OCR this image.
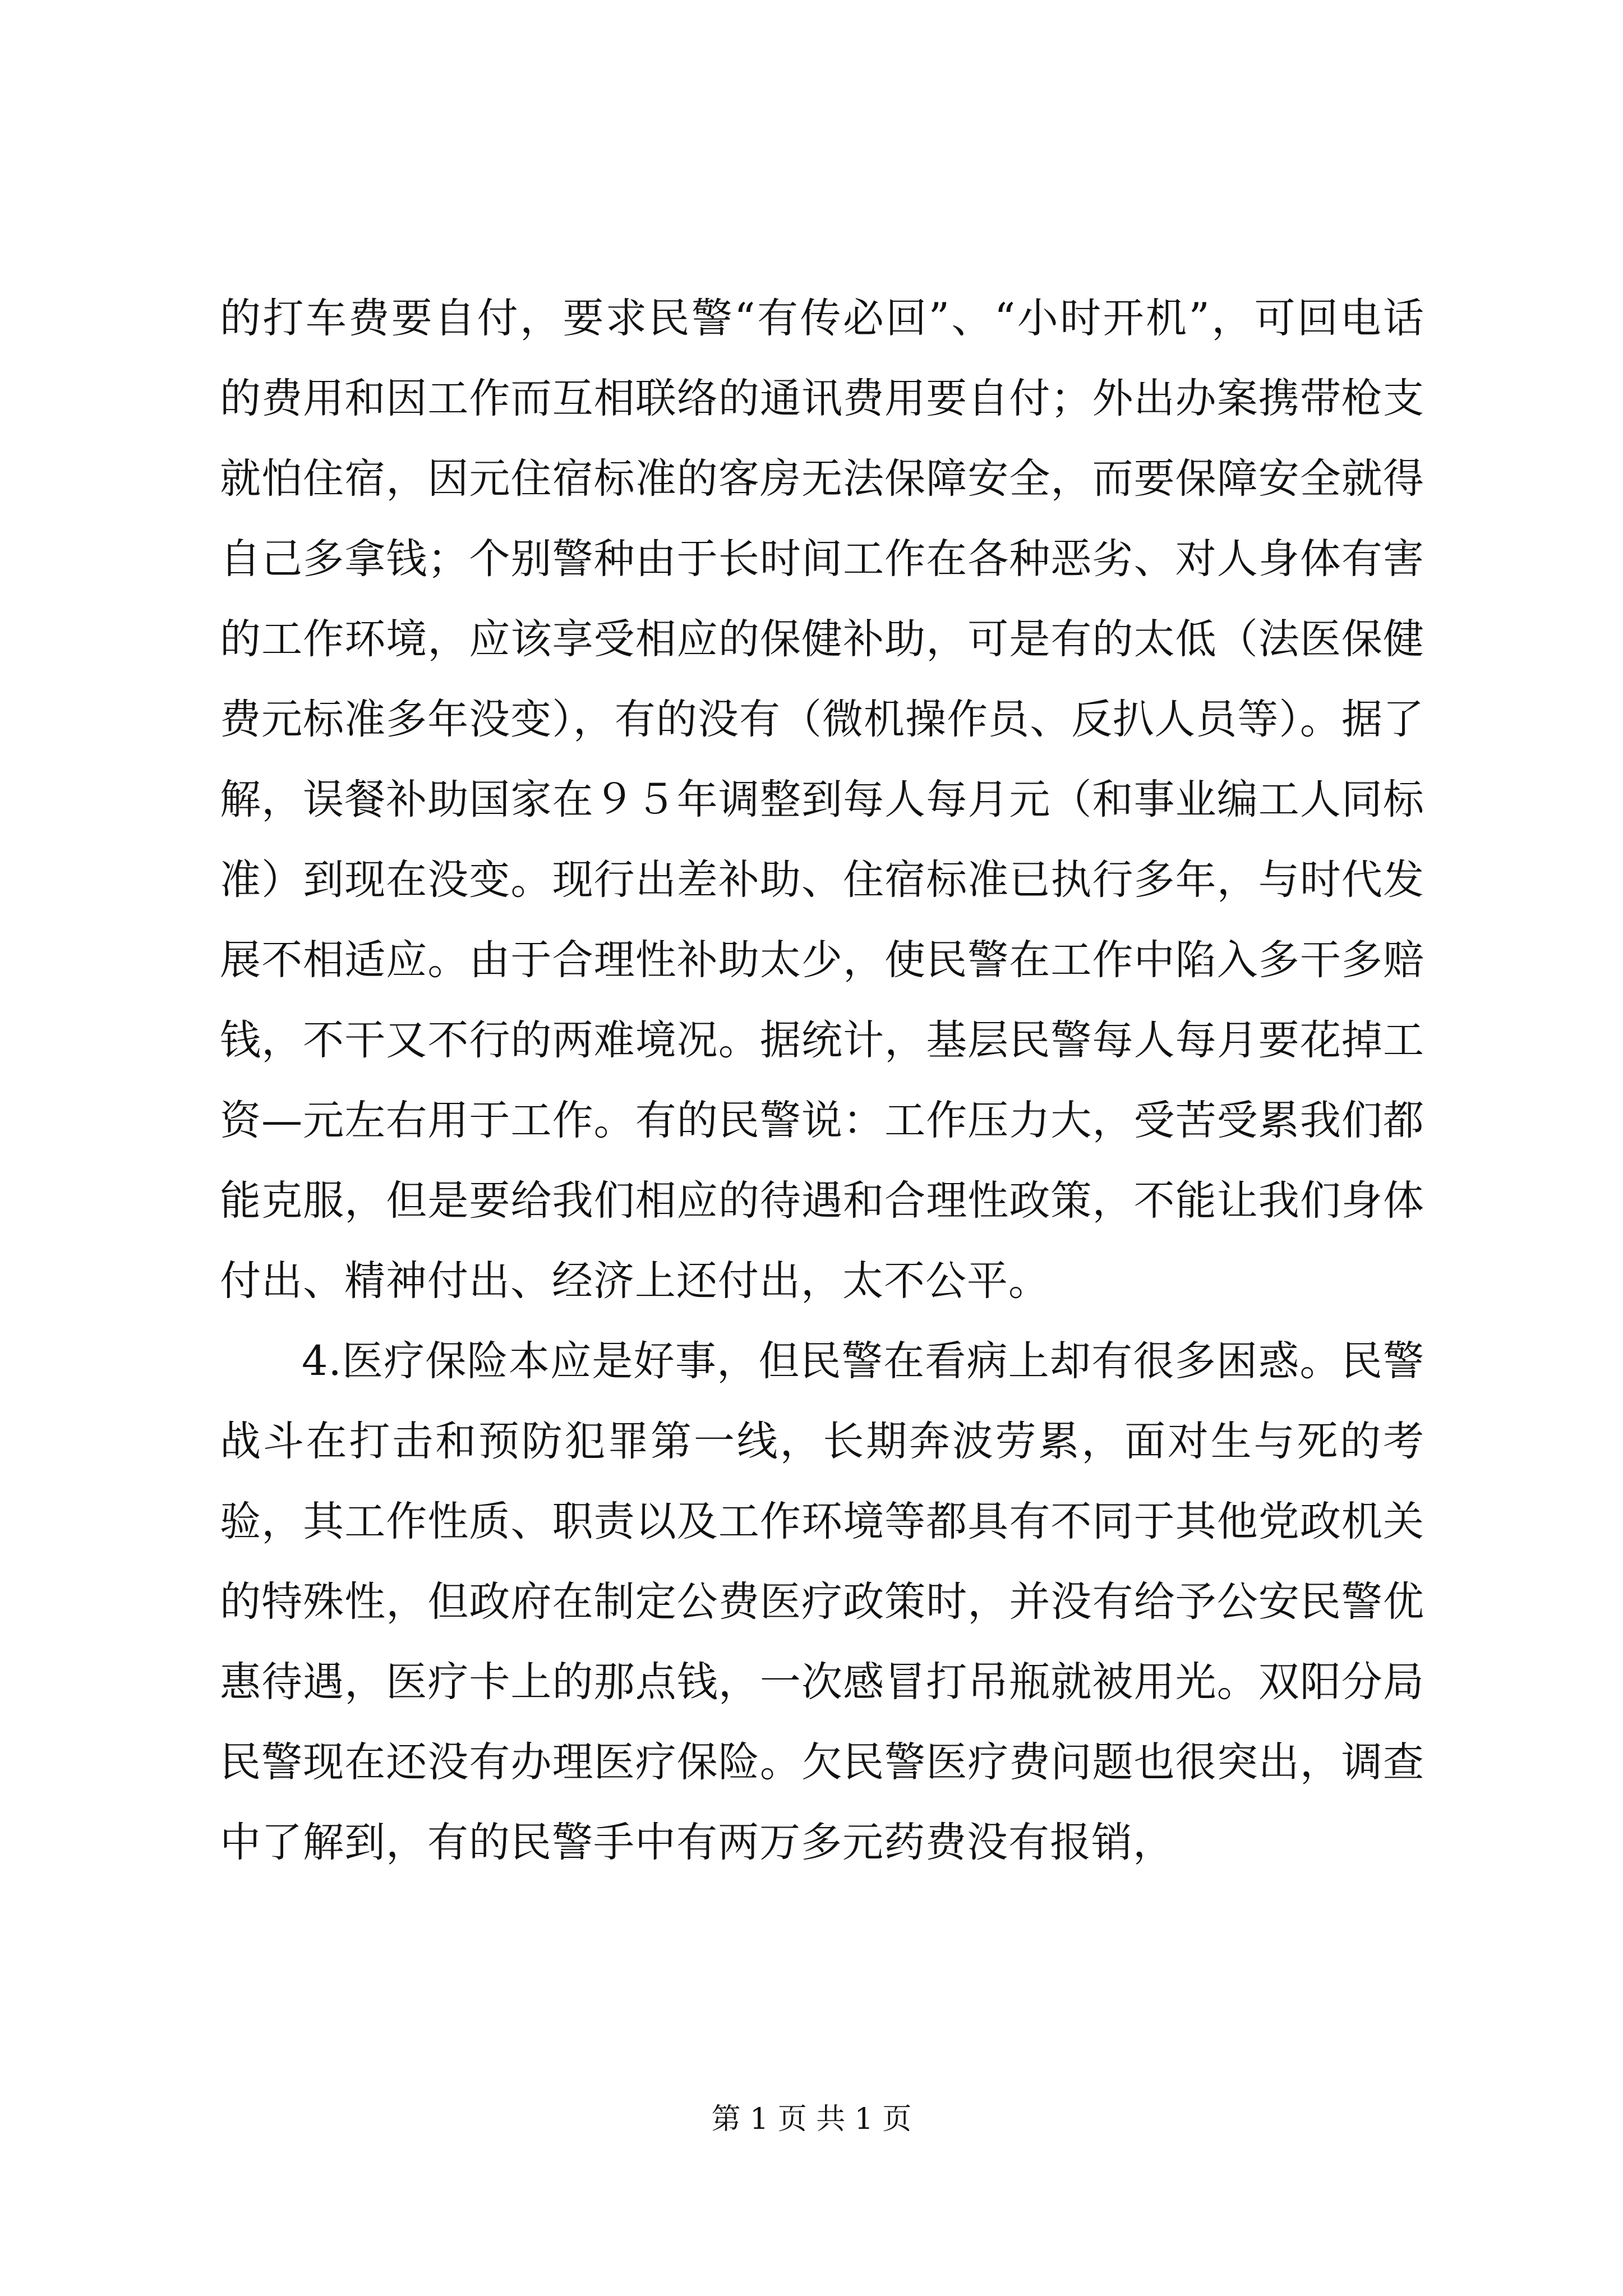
的打车费要自付，要求民警“有传必回”、“小时开机”，可回电话的费用和因工作而互相联络的通讯费用要自付；外出办案携带枪支就怕住宿，因元住宿标准的客房无法保障安全，而要保障安全就得自己多拿钱；个别警种由于长时间工作在各种恶劣、对人身体有害的工作环境，应该享受相应的保健补助，可是有的太低（法医保健费元标准多年没变），有的没有（微机操作员、反扒人员等）。据了解，误餐补助国家在９５年调整到每人每月元（和事业编工人同标准）到现在没变。现行出差补助、住宿标准已执行多年，与时代发展不相适应。由于合理性补助太少，使民警在工作中陷入多干多赔钱，不干又不行的两难境况。据统计，基层民警每人每月要花掉工资—元左右用于工作。有的民警说：工作压力大，受苦受累我们都能克服，但是要给我们相应的待遇和合理性政策，不能让我们身体付出、精神付出、经济上还付出，太不公平。

4.医疗保险本应是好事，但民警在看病上却有很多困惑。民警战斗在打击和预防犯罪第一线，长期奔波劳累，面对生与死的考验，其工作性质、职责以及工作环境等都具有不同于其他党政机关的特殊性，但政府在制定公费医疗政策时，并没有给予公安民警优惠待遇，医疗卡上的那点钱，一次感冒打吊瓶就被用光。双阳分局民警现在还没有办理医疗保险。欠民警医疗费问题也很突出，调查中了解到，有的民警手中有两万多元药费没有报销，

第 1 页 共 1 页
